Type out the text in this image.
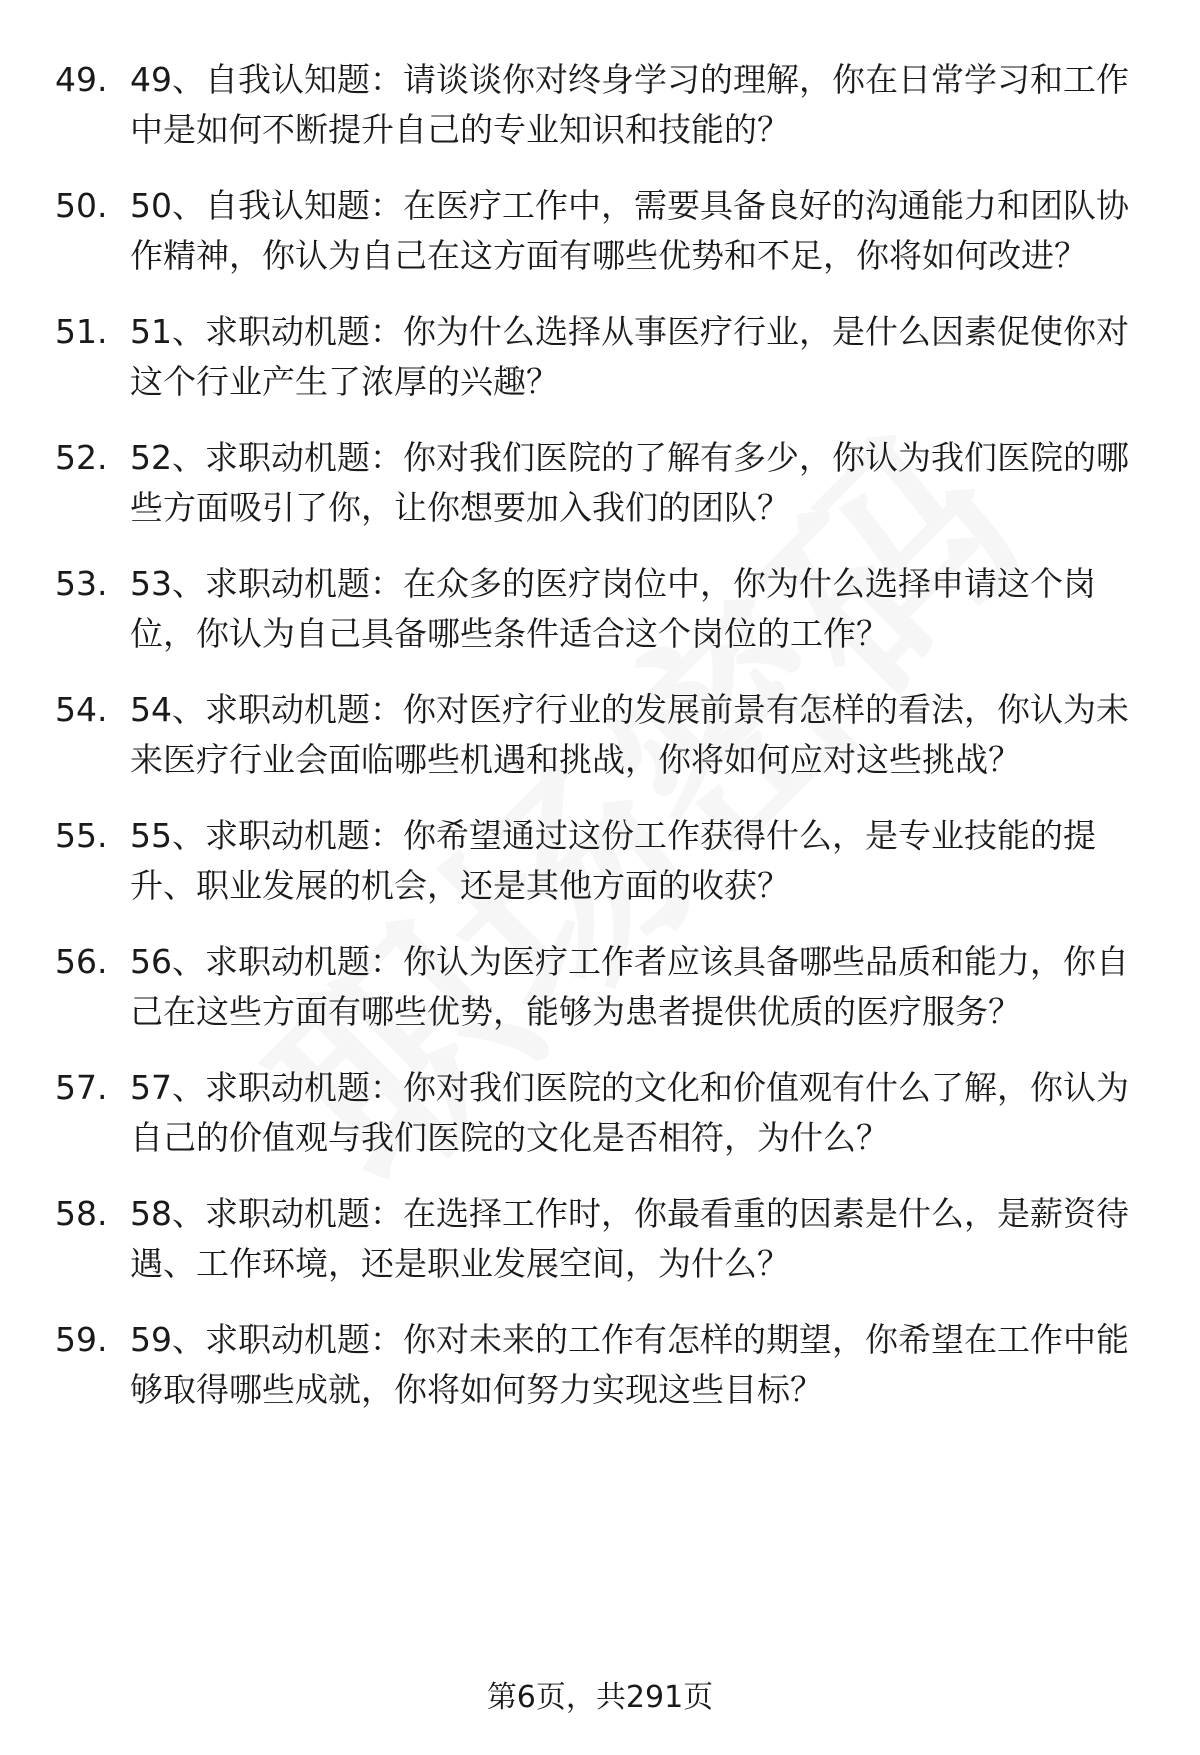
49. 49、自我认知题：请谈谈你对终身学习的理解，你在日常学习和工作中是如何不断提升自己的专业知识和技能的？
50. 50、自我认知题：在医疗工作中，需要具备良好的沟通能力和团队协作精神，你认为自己在这方面有哪些优势和不足，你将如何改进？
51. 51、求职动机题：你为什么选择从事医疗行业，是什么因素促使你对这个行业产生了浓厚的兴趣？
52. 52、求职动机题：你对我们医院的了解有多少，你认为我们医院的哪些方面吸引了你，让你想要加入我们的团队？
53. 53、求职动机题：在众多的医疗岗位中，你为什么选择申请这个岗位，你认为自己具备哪些条件适合这个岗位的工作？
54. 54、求职动机题：你对医疗行业的发展前景有怎样的看法，你认为未来医疗行业会面临哪些机遇和挑战，你将如何应对这些挑战？
55. 55、求职动机题：你希望通过这份工作获得什么，是专业技能的提升、职业发展的机会，还是其他方面的收获？
56. 56、求职动机题：你认为医疗工作者应该具备哪些品质和能力，你自己在这些方面有哪些优势，能够为患者提供优质的医疗服务？
57. 57、求职动机题：你对我们医院的文化和价值观有什么了解，你认为自己的价值观与我们医院的文化是否相符，为什么？
58. 58、求职动机题：在选择工作时，你最看重的因素是什么，是薪资待遇、工作环境，还是职业发展空间，为什么？
59. 59、求职动机题：你对未来的工作有怎样的期望，你希望在工作中能够取得哪些成就，你将如何努力实现这些目标？
第6页，共291页
